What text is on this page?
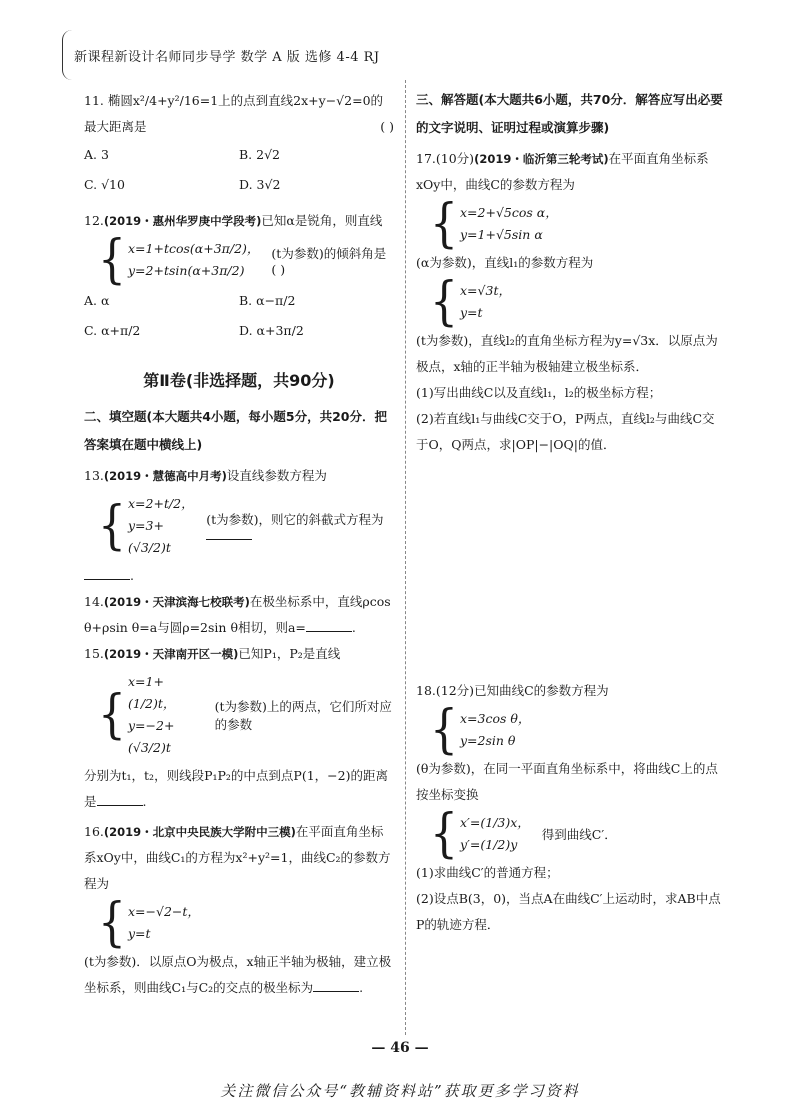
新课程新设计名师同步导学 数学 A 版 选修 4-4 RJ

11. 椭圆x²/4+y²/16=1上的点到直线2x+y−√2=0的最大距离是	( )

A. 3	B. 2√2
C. √10	D. 3√2

12.(2019・惠州华罗庚中学段考)已知α是锐角，则直线

{ x=1+tcos(α+3π/2)，
y=2+tsin(α+3π/2)
(t为参数)的倾斜角是 ( )
A. α	B. α−π/2
C. α+π/2	D. α+3π/2
第Ⅱ卷(非选择题，共90分)
二、填空题(本大题共4小题，每小题5分，共20分．把答案填在题中横线上)

13.(2019・慧德高中月考)设直线参数方程为

{ x=2+t/2，
y=3+(√3/2)t
(t为参数)，则它的斜截式方程为

.

14.(2019・天津滨海七校联考)在极坐标系中，直线ρcos θ+ρsin θ=a与圆ρ=2sin θ相切，则a=	.

15.(2019・天津南开区一模)已知P₁，P₂是直线

{
x=1+(1/2)t，
y=−2+(√3/2)t
(t为参数)上的两点，它们所对应的参数

分别为t₁，t₂，则线段P₁P₂的中点到点P(1，−2)的距离是	.

16.(2019・北京中央民族大学附中三模)在平面直角坐标系xOy中，曲线C₁的方程为x²+y²=1，曲线C₂的参数方程为

{ x=−√2−t，
y=t

(t为参数)．以原点O为极点，x轴正半轴为极轴，建立极坐标系，则曲线C₁与C₂的交点的极坐标为	.

三、解答题(本大题共6小题，共70分．解答应写出必要的文字说明、证明过程或演算步骤)

17.(10分)(2019・临沂第三轮考试)在平面直角坐标系xOy中，曲线C的参数方程为

{ x=2+√5cos α，
y=1+√5sin α

(α为参数)，直线l₁的参数方程为

{ x=√3t，
y=t

(t为参数)，直线l₂的直角坐标方程为y=√3x．以原点为极点，x轴的正半轴为极轴建立极坐标系．

(1)写出曲线C以及直线l₁，l₂的极坐标方程；

(2)若直线l₁与曲线C交于O，P两点，直线l₂与曲线C交于O，Q两点，求|OP|−|OQ|的值．

18.(12分)已知曲线C的参数方程为

{ x=3cos θ，
y=2sin θ

(θ为参数)，在同一平面直角坐标系中，将曲线C上的点按坐标变换

{ x′=(1/3)x，
y′=(1/2)y
得到曲线C′．

(1)求曲线C′的普通方程；

(2)设点B(3，0)，当点A在曲线C′上运动时，求AB中点P的轨迹方程．

— 46 —
关注微信公众号“教辅资料站”获取更多学习资料
